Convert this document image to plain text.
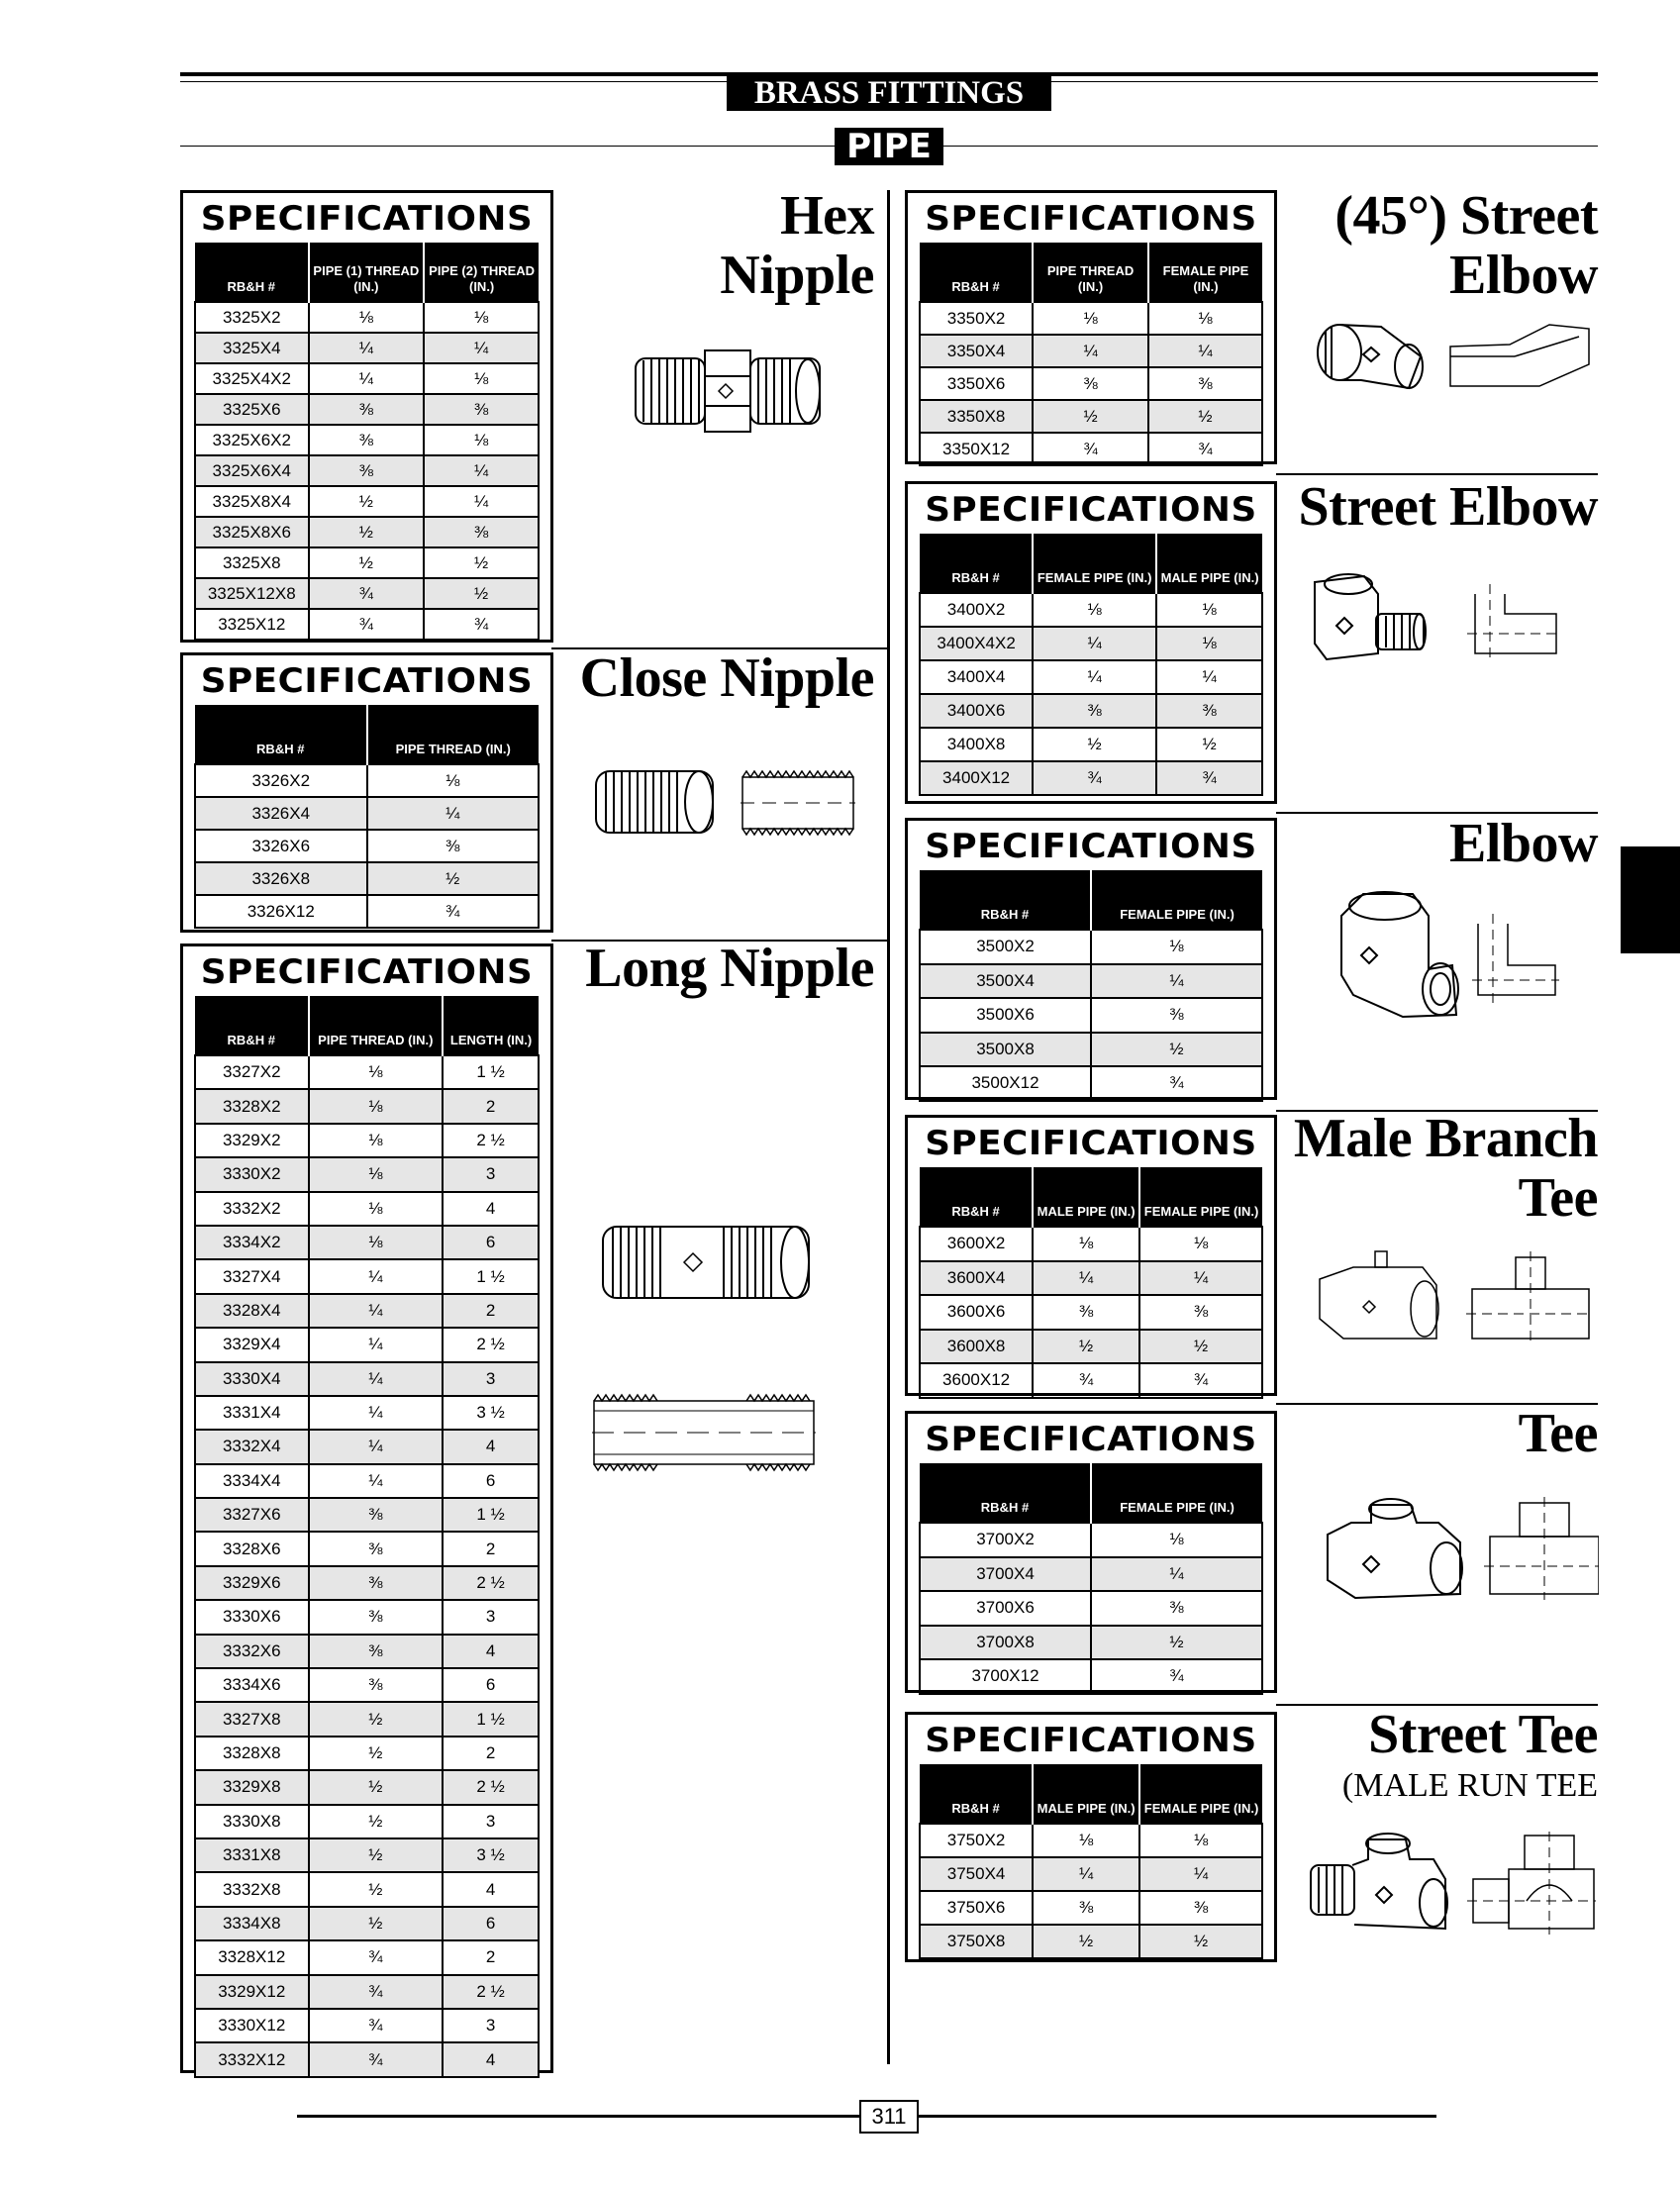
BRASS FITTINGS
PIPE
SPECIFICATIONS
RB&H #	PIPE (1) THREAD (IN.)	PIPE (2) THREAD (IN.)
3325X2	⅛	⅛
3325X4	¼	¼
3325X4X2	¼	⅛
3325X6	⅜	⅜
3325X6X2	⅜	⅛
3325X6X4	⅜	¼
3325X8X4	½	¼
3325X8X6	½	⅜
3325X8	½	½
3325X12X8	¾	½
3325X12	¾	¾
Hex
Nipple
SPECIFICATIONS
RB&H #	PIPE THREAD (IN.)
3326X2	⅛
3326X4	¼
3326X6	⅜
3326X8	½
3326X12	¾
Close Nipple
SPECIFICATIONS
RB&H #	PIPE THREAD (IN.)	LENGTH (IN.)
3327X2	⅛	1 ½
3328X2	⅛	2
3329X2	⅛	2 ½
3330X2	⅛	3
3332X2	⅛	4
3334X2	⅛	6
3327X4	¼	1 ½
3328X4	¼	2
3329X4	¼	2 ½
3330X4	¼	3
3331X4	¼	3 ½
3332X4	¼	4
3334X4	¼	6
3327X6	⅜	1 ½
3328X6	⅜	2
3329X6	⅜	2 ½
3330X6	⅜	3
3332X6	⅜	4
3334X6	⅜	6
3327X8	½	1 ½
3328X8	½	2
3329X8	½	2 ½
3330X8	½	3
3331X8	½	3 ½
3332X8	½	4
3334X8	½	6
3328X12	¾	2
3329X12	¾	2 ½
3330X12	¾	3
3332X12	¾	4
Long Nipple
SPECIFICATIONS
RB&H #	PIPE THREAD (IN.)	FEMALE PIPE (IN.)
3350X2	⅛	⅛
3350X4	¼	¼
3350X6	⅜	⅜
3350X8	½	½
3350X12	¾	¾
(45°) Street
Elbow
SPECIFICATIONS
RB&H #	FEMALE PIPE (IN.)	MALE PIPE (IN.)
3400X2	⅛	⅛
3400X4X2	¼	⅛
3400X4	¼	¼
3400X6	⅜	⅜
3400X8	½	½
3400X12	¾	¾
Street Elbow
SPECIFICATIONS
RB&H #	FEMALE PIPE (IN.)
3500X2	⅛
3500X4	¼
3500X6	⅜
3500X8	½
3500X12	¾
Elbow
SPECIFICATIONS
RB&H #	MALE PIPE (IN.)	FEMALE PIPE (IN.)
3600X2	⅛	⅛
3600X4	¼	¼
3600X6	⅜	⅜
3600X8	½	½
3600X12	¾	¾
Male Branch
Tee
SPECIFICATIONS
RB&H #	FEMALE PIPE (IN.)
3700X2	⅛
3700X4	¼
3700X6	⅜
3700X8	½
3700X12	¾
Tee
SPECIFICATIONS
RB&H #	MALE PIPE (IN.)	FEMALE PIPE (IN.)
3750X2	⅛	⅛
3750X4	¼	¼
3750X6	⅜	⅜
3750X8	½	½
Street Tee
(MALE RUN TEE
311
